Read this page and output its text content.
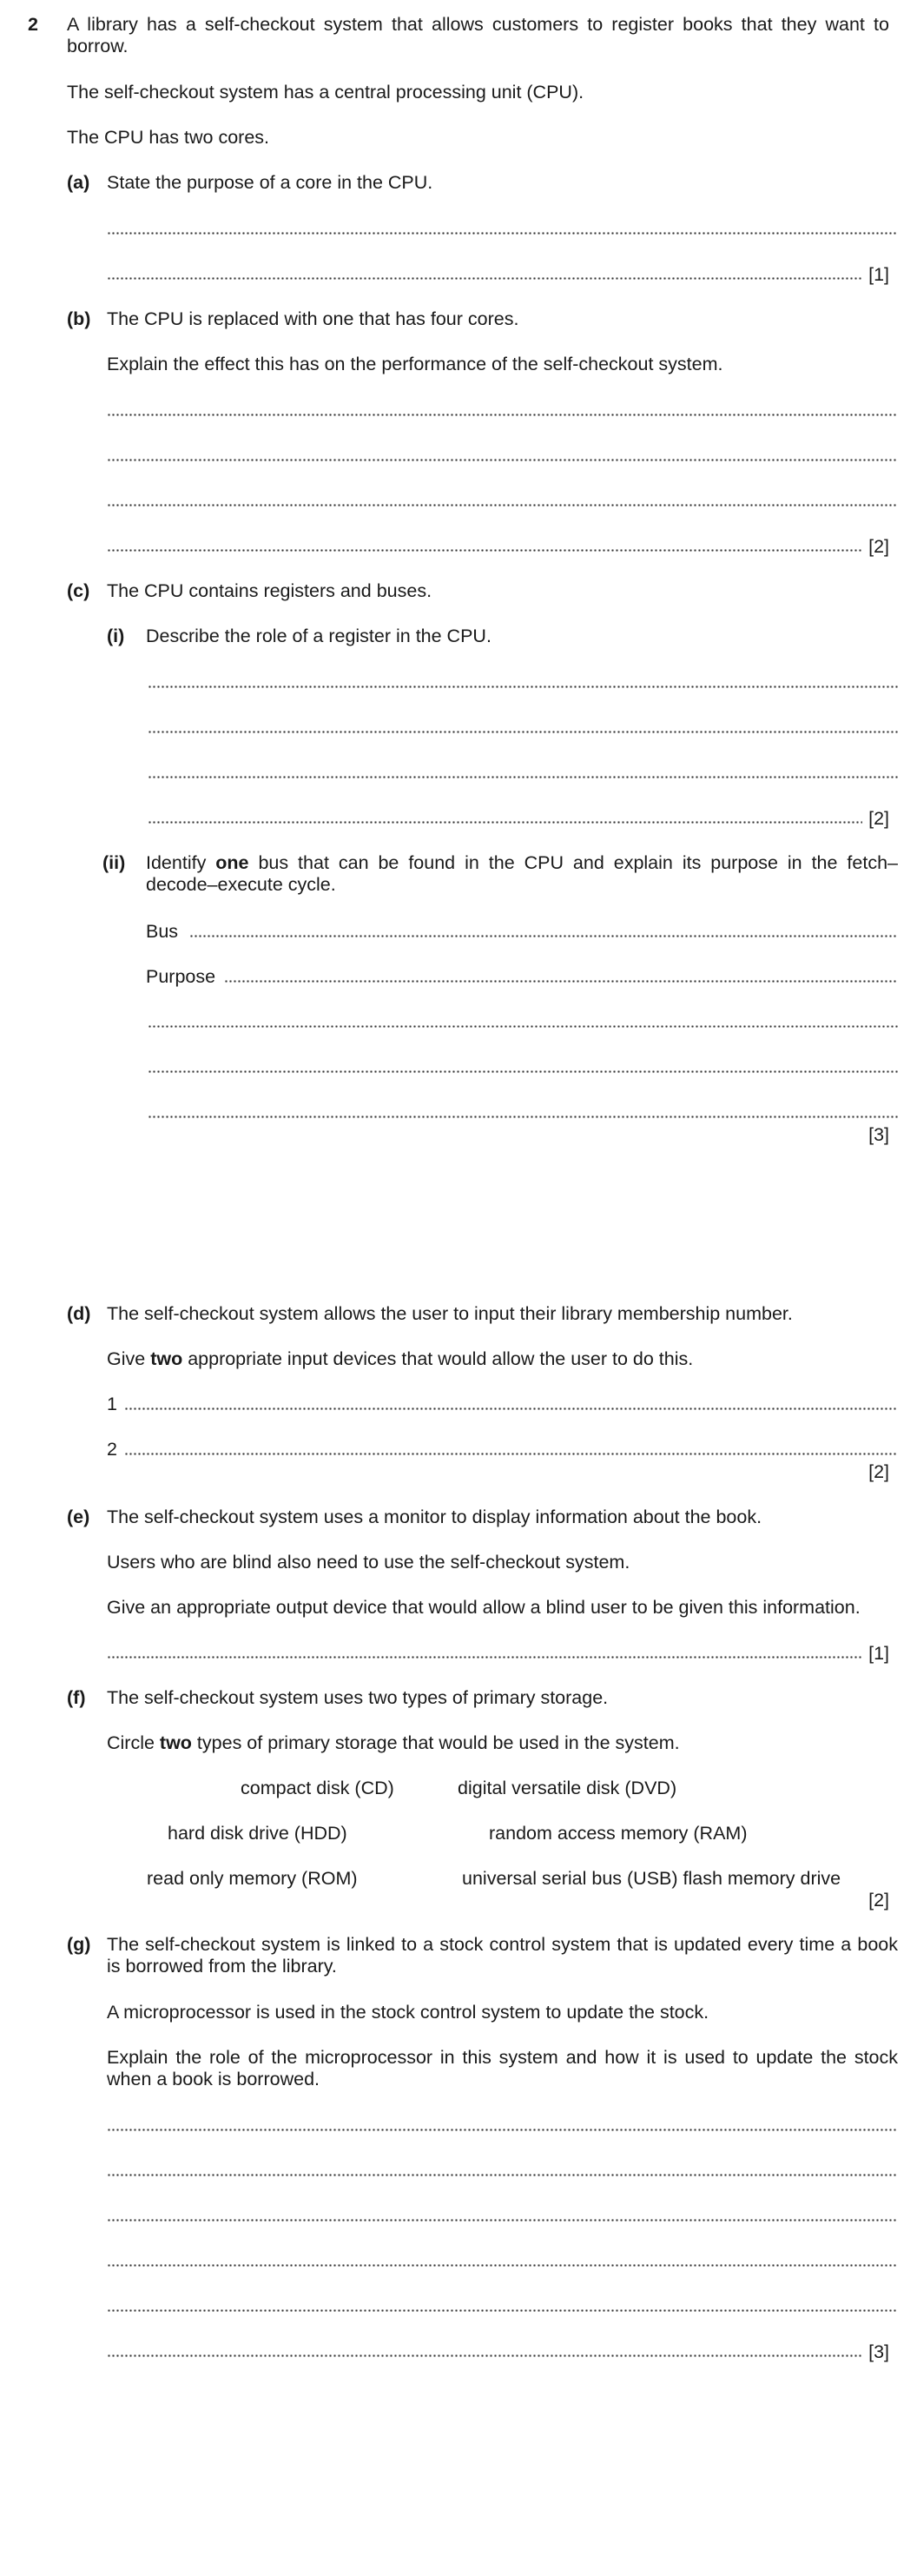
2 A library has a self-checkout system that allows customers to register books that they want to borrow.
The self-checkout system has a central processing unit (CPU).
The CPU has two cores.
(a) State the purpose of a core in the CPU.
[1]
(b) The CPU is replaced with one that has four cores.
Explain the effect this has on the performance of the self-checkout system.
[2]
(c) The CPU contains registers and buses.
(i) Describe the role of a register in the CPU.
[2]
(ii) Identify one bus that can be found in the CPU and explain its purpose in the fetch–decode–execute cycle.
Bus
Purpose
[3]
(d) The self-checkout system allows the user to input their library membership number.
Give two appropriate input devices that would allow the user to do this.
1
2
[2]
(e) The self-checkout system uses a monitor to display information about the book.
Users who are blind also need to use the self-checkout system.
Give an appropriate output device that would allow a blind user to be given this information.
[1]
(f) The self-checkout system uses two types of primary storage.
Circle two types of primary storage that would be used in the system.
compact disk (CD)	digital versatile disk (DVD)
hard disk drive (HDD)	random access memory (RAM)
read only memory (ROM)	universal serial bus (USB) flash memory drive
[2]
(g) The self-checkout system is linked to a stock control system that is updated every time a book is borrowed from the library.
A microprocessor is used in the stock control system to update the stock.
Explain the role of the microprocessor in this system and how it is used to update the stock when a book is borrowed.
[3]
